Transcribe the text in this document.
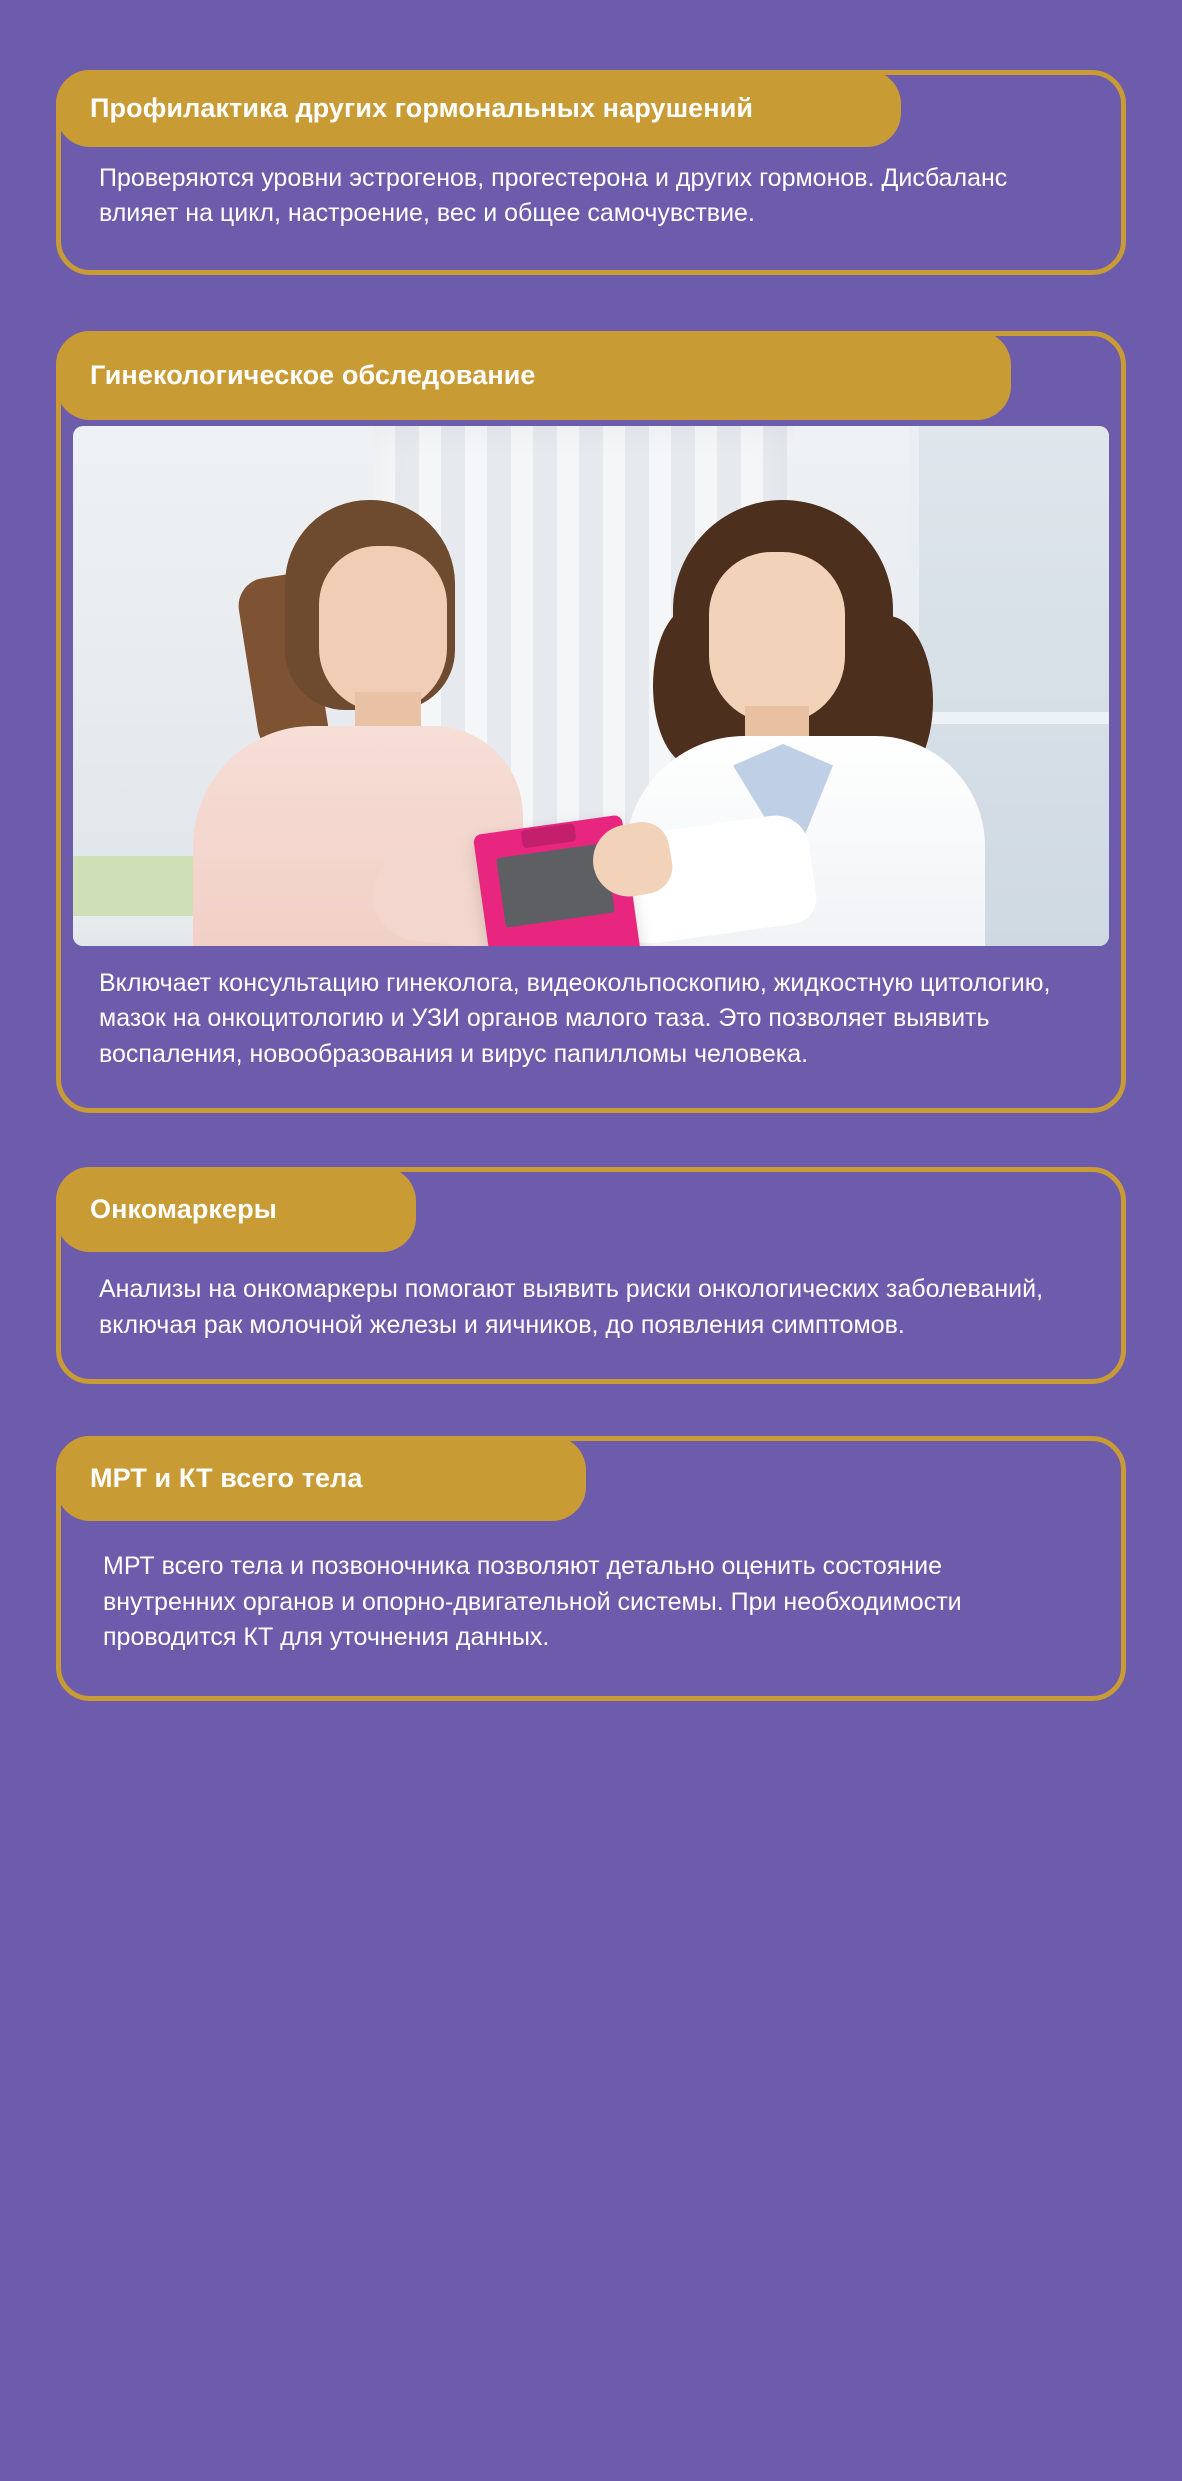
Профилактика других гормональных нарушений

Проверяются уровни эстрогенов, прогестерона и других гормонов. Дисбаланс влияет на цикл, настроение, вес и общее самочувствие.

Гинекологическое обследование

Включает консультацию гинеколога, видеокольпоскопию, жидкостную цитологию, мазок на онкоцитологию и УЗИ органов малого таза. Это позволяет выявить воспаления, новообразования и вирус папилломы человека.

Онкомаркеры

Анализы на онкомаркеры помогают выявить риски онкологических заболеваний, включая рак молочной железы и яичников, до появления симптомов.

МРТ и КТ всего тела

МРТ всего тела и позвоночника позволяют детально оценить состояние внутренних органов и опорно-двигательной системы. При необходимости проводится КТ для уточнения данных.
